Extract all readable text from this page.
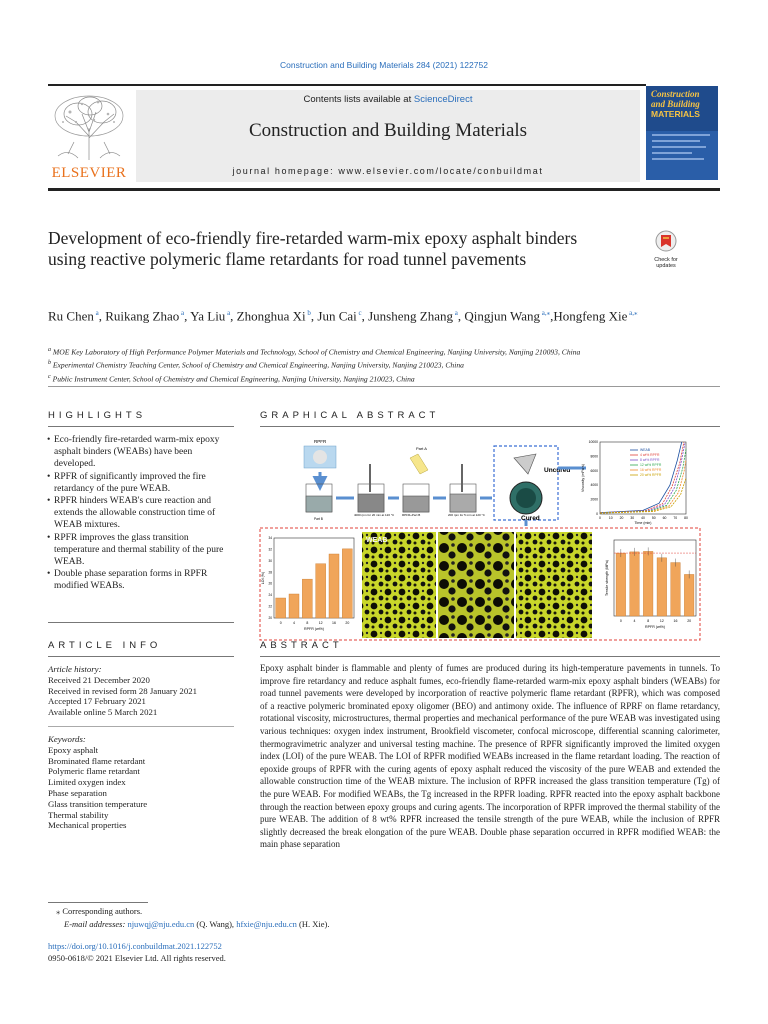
Construction and Building Materials 284 (2021) 122752
ELSEVIER
Contents lists available at ScienceDirect
Construction and Building Materials
journal homepage: www.elsevier.com/locate/conbuildmat
Construction
and Building
MATERIALS
Development of eco-friendly fire-retarded warm-mix epoxy asphalt binders using reactive polymeric flame retardants for road tunnel pavements	Check for
updates
Ru Chen $^a$, Ruikang Zhao $^a$, Ya Liu $^a$, Zhonghua Xi $^b$, Jun Cai $^c$, Junsheng Zhang $^a$, Qingjun Wang $^{a,⁎}$,Hongfeng Xie $^{a,⁎}$
$^a$ MOE Key Laboratory of High Performance Polymer Materials and Technology, School of Chemistry and Chemical Engineering, Nanjing University, Nanjing 210093, China
$^b$ Experimental Chemistry Teaching Center, School of Chemistry and Chemical Engineering, Nanjing University, Nanjing 210023, China
$^c$ Public Instrument Center, School of Chemistry and Chemical Engineering, Nanjing University, Nanjing 210023, China
HIGHLIGHTS
• Eco-friendly fire-retarded warm-mix epoxy asphalt binders (WEABs) have been developed.
• RPFR of significantly improved the fire retardancy of the pure WEAB.
• RPFR hinders WEAB's cure reaction and extends the allowable construction time of WEAB mixtures.
• RPFR improves the glass transition temperature and thermal stability of the pure WEAB.
• Double phase separation forms in RPFR modified WEABs.
GRAPHICAL ABSTRACT
RPFR
Part A
Part B
4000 rpm for 20 min at 120 °C	RPFR+Part B	200 rpm for 5 min at 120 °C
Uncured
Cured
10000
8000
6000
4000
2000
0
0 10 20 30 40 50 60 70 80
Time (min)
Viscosity (mPa·s)
WEAB
4 wt% RPFR
8 wt% RPFR
12 wt% RPFR
16 wt% RPFR
20 wt% RPFR
0	4	8	12	16	20
34
32
30
28
26
24
22
20
RPFR (wt%)
LOI (%)
WEAB
0	4	8	12	16	20
RPFR (wt%)
Tensile strength (MPa)
ARTICLE INFO
Article history:
Received 21 December 2020
Received in revised form 28 January 2021
Accepted 17 February 2021
Available online 5 March 2021
Keywords:
Epoxy asphalt
Brominated flame retardant
Polymeric flame retardant
Limited oxygen index
Phase separation
Glass transition temperature
Thermal stability
Mechanical properties
ABSTRACT
Epoxy asphalt binder is flammable and plenty of fumes are produced during its high-temperature pavements in tunnels. To improve fire retardancy and reduce asphalt fumes, eco-friendly flame-retarded warm-mix epoxy asphalt binders (WEABs) for road tunnel pavements were developed by incorporation of reactive polymeric flame retardant (RPFR), which was composed of a reactive polymeric brominated epoxy oligomer (BEO) and antimony oxide. The influence of RPRF on flame retardancy, rotational viscosity, microstructures, thermal properties and mechanical performance of the pure WEAB was investigated using various techniques: oxygen index instrument, Brookfield viscometer, confocal microscope, differential scanning calorimeter, thermogravimetric analyzer and universal testing machine. The presence of RPFR significantly improved the limited oxygen index (LOI) of the pure WEAB. The LOI of RPFR modified WEABs increased in the flame retardant loading. The reaction of epoxide groups of RPFR with the curing agents of epoxy asphalt reduced the viscosity of the pure WEAB and extended the allowable construction time of the WEAB mixture. The inclusion of RPFR increased the glass transition temperature (Tg) of the pure WEAB. For modified WEABs, the Tg increased in the RPFR loading. RPFR reacted into the epoxy asphalt backbone through the reaction between epoxy groups and curing agents. The incorporation of RPFR improved the thermal stability of the pure WEAB. The addition of 8 wt% RPFR increased the tensile strength of the pure WEAB, while the inclusion of RPFR slightly decreased the break elongation of the pure WEAB. Double phase separation occurred in RPFR modified WEAB: the main phase separation
⁎ Corresponding authors.
E-mail addresses: njuwqj@nju.edu.cn (Q. Wang), hfxie@nju.edu.cn (H. Xie).
https://doi.org/10.1016/j.conbuildmat.2021.122752
0950-0618/© 2021 Elsevier Ltd. All rights reserved.
